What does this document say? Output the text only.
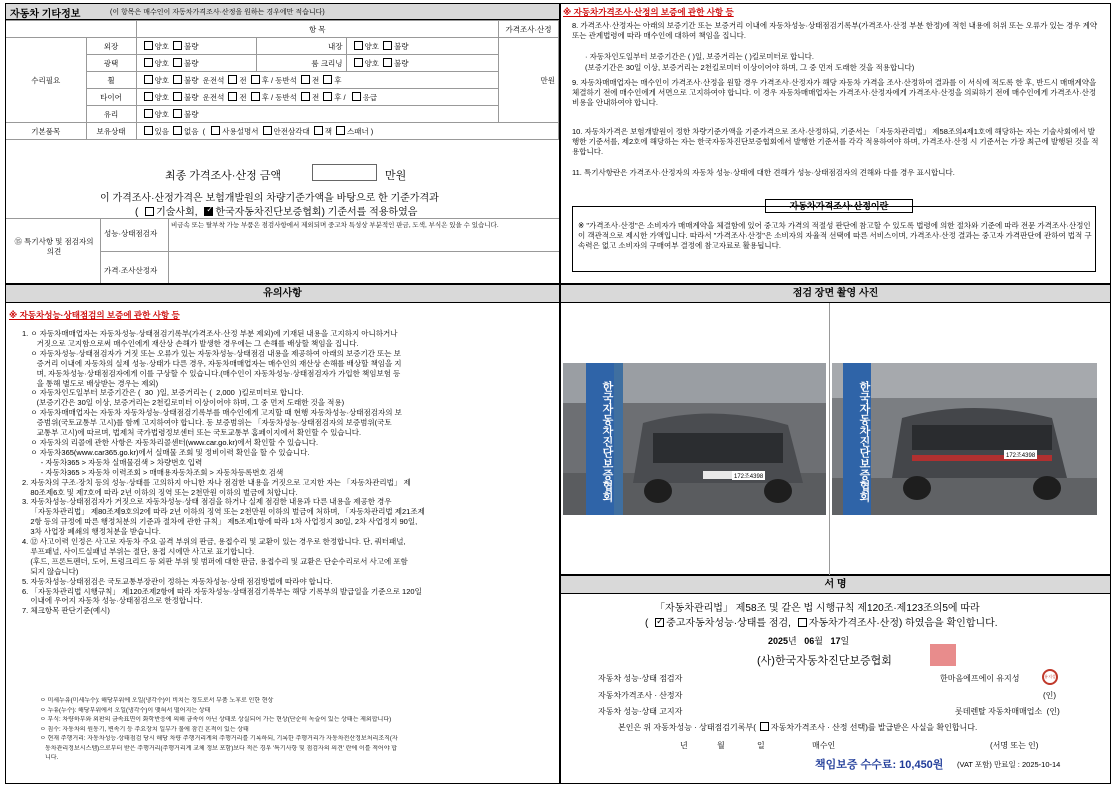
자동차 기타정보	(이 항목은 매수인이 자동차가격조사·산정을 원하는 경우에만 적습니다)
		항 목			가격조사·산정
수리필요	외장	양호 불량	내장	양호 불량	만원
	광택	양호 불량	룸 크리닝	양호 불량	
	휠	양호 불량 운전석 전 후 / 동반석 전 후			
	타이어	양호 불량 운전석 전 후 / 동반석 전 후 / 응급			
	유리	양호 불량			
기본품목	보유상태	있음 없음 ( 사용설명서 안전삼각대 잭 스패너 )			
최종 가격조사·산정 금액	만원
이 가격조사·산정가격은 보험개발원의 차량기준가액을 바탕으로 한 기준가격과
( 기술사회, ✓ 한국자동차진단보증협회) 기준서를 적용하였음
⑮ 특기사항 및 점검자의 의견
성능·상태점검자
비금속 또는 탈부착 가능 부품은 점검사항에서 제외되며 중고차 특성상 부분적인 판금, 도색, 부식은 있을 수 있습니다.
가격·조사산정자
※ 자동차가격조사·산정의 보증에 관한 사항 등
8. 가격조사·산정자는 아래의 보증기간 또는 보증거리 이내에 자동차성능·상태점검기록부(가격조사·산정 부분 한정)에 적힌 내용에 허위 또는 오류가 있는 경우 계약 또는 관계법령에 따라 매수인에 대하여 책임을 집니다.
· 자동차인도일부터 보증기간은 ( )일, 보증거리는 ( )킬로미터로 합니다.
(보증기간은 30일 이상, 보증거리는 2천킬로미터 이상이어야 하며, 그 중 먼저 도래한 것을 적용합니다)
9. 자동차매매업자는 매수인이 가격조사·산정을 원할 경우 가격조사·산정자가 해당 자동차 가격을 조사·산정하여 결과를 이 서식에 적도록 한 후, 반드시 매매계약을 체결하기 전에 매수인에게 서면으로 고지하여야 합니다. 이 경우 자동차매매업자는 가격조사·산정자에게 가격조사·산정을 의뢰하기 전에 매수인에게 가격조사·산정 비용을 안내하여야 합니다.
10. 자동차가격은 보험개발원이 정한 차량기준가액을 기준가격으로 조사·산정하되, 기준서는 「자동차관리법」 제58조의4제1호에 해당하는 자는 기술사회에서 발행한 기준서를, 제2호에 해당하는 자는 한국자동차진단보증협회에서 발행한 기준서를 각각 적용하여야 하며, 가격조사·산정 시 기준서는 가장 최근에 발행된 것을 적용합니다.
11. 특기사항란은 가격조사·산정자의 자동차 성능·상태에 대한 견해가 성능·상태점검자의 견해와 다를 경우 표시합니다.
자동차가격조사·산정이란
※ "가격조사·산정"은 소비자가 매매계약을 체결함에 있어 중고차 가격의 적절성 판단에 참고할 수 있도록 법령에 의한 절차와 기준에 따라 전문 가격조사·산정인이 객관적으로 제시한 가액입니다. 따라서 "가격조사·산정"은 소비자의 자율적 선택에 따른 서비스이며, 가격조사·산정 결과는 중고자 가격판단에 관하여 법적 구속력은 없고 소비자의 구매여부 결정에 참고자료로 활용됩니다.
유의사항
※ 자동차성능·상태점검의 보증에 관한 사항 등
1. ㅇ 자동차매매업자는 자동차성능·상태점검기록부(가격조사·산정 부분 제외)에 기재된 내용을 고지하지 아니하거나
거짓으로 고지함으로써 매수인에게 재산상 손해가 발생한 경우에는 그 손해를 배상할 책임을 집니다.
ㅇ 자동차성능·상태점검자가 거짓 또는 오류가 있는 자동차성능·상태점검 내용을 제공하여 아래의 보증기간 또는 보
증거리 이내에 자동차의 실제 성능·상태가 다른 경우, 자동차매매업자는 매수인의 재산상 손해를 배상할 책임을 지
며, 자동차성능·상태점검자에게 이를 구상할 수 있습니다.(매수인이 자동차성능·상태점검자가 가입한 책임보험 등
을 통해 별도로 배상받는 경우는 제외)
ㅇ 자동차인도일부터 보증기간은 (  30  )일, 보증거리는 (  2,000  )킬로미터로 합니다.
(보증기간은 30일 이상, 보증거리는 2천킬로미터 이상이어야 하며, 그 중 먼저 도래한 것을 적용)
ㅇ 자동차매매업자는 자동차 자동차성능·상태점검기록부를 매수인에게 고지할 때 현행 자동차성능·상태점검자의 보
증범위(국토교통부 고시)를 함께 고지하여야 합니다. 동 보증범위는 「자동차성능·상태점검자의 보증범위(국토
교통부 고시)에 따르며, 법제처 국가법령정보센터 또는 국토교통부 홈페이지에서 확인할 수 있습니다.
ㅇ 자동차의 리콜에 관한 사항은 자동차리콜센터(www.car.go.kr)에서 확인할 수 있습니다.
ㅇ 자동차365(www.car365.go.kr)에서 실매물 조회 및 정비이력 확인을 할 수 있습니다.
- 자동차365 > 자동차 실매물검색 > 차량번호 입력
- 자동차365 > 자동차 이력조회 > 매매용자동차조회 > 자동차등록번호 검색
2. 자동차의 구조·장치 등의 성능·상태를 고의하지 아니한 자나 점검한 내용을 거짓으로 고지한 자는 「자동차관리법」 제
80조제6호 및 제7호에 따라 2년 이하의 징역 또는 2천만원 이하의 벌금에 처합니다.
3. 자동차성능·상태점검자가 거짓으로 자동차성능·상태 점검을 하거나 실제 점검한 내용과 다른 내용을 제공한 경우
「자동차관리법」 제80조제9호의2에 따라 2년 이하의 징역 또는 2천만원 이하의 벌금에 처하며, 「자동차관리법 제21조제
2항 등의 규정에 따른 행정처분의 기준과 절차에 관한 규칙」 제5조제1항에 따라 1차 사업정지 30일, 2차 사업정지 90일,
3차 사업장 폐쇄의 행정처분을 받습니다.
4. ⑫ 사고이력 인정은 사고로 자동차 주요 골격 부위의 판금, 용접수리 및 교환이 있는 경우로 한정합니다. 단, 쿼터패널,
루프패널, 사이드실패널 부위는 절단, 용접 시에만 사고로 표기합니다.
(후드, 프론트펜더, 도어, 트렁크리드 등 외판 부위 및 범퍼에 대한 판금, 용접수리 및 교환은 단순수리로서 사고에 포함
되지 않습니다)
5. 자동차성능·상태점검은 국토교통부장관이 정하는 자동차성능·상태 점검방법에 따라야 합니다.
6. 「자동차관리법 시행규칙」 제120조제2항에 따라 자동차성능·상태점검기록부는 해당 기록부의 발급일을 기준으로 120일
이내에 우어지 자동차 성능·상태점검으로 한정합니다.
7. 체크항목 판단기준(예시)
ㅇ 미세누유(미세누수): 해당부위에 오일(냉각수)이 비치는 정도로서 부품 노후로 인한 현상
ㅇ 누유(누수): 해당부위에서 오일(냉각수)이 맺혀서 떨어지는 상태
ㅇ 부식: 차량하부와 외판의 금속표면이 화학반응에 의해 금속이 아닌 상태로 상실되어 가는 현상(단순히 녹슬어 있는 상태는 제외합니다)
ㅇ 침수: 자동차의 원동기, 변속기 등 주요장치 일부가 물에 잠긴 흔적이 있는 상태
ㅇ 현재 주행거리: 자동차성능·상태점검 당시 해당 차량 주행거리계의 주행거리를 기록하되, 기록한 주행거리가 자동차전산정보처리조직(자
동차관리정보시스템)으로부터 받은 주행거리(주행거리계 교체 정보 포함)보다 적은 경우 '특기사항 및 점검자의 의견' 란에 이를 적어야 합
니다.
점검 장면 촬영 사진
한국자동차진단보증협회	172조4398	한국자동차진단보증협회	172조4398
서 명
「자동차관리법」 제58조 및 같은 법 시행규칙 제120조·제123조의5에 따라
( ✓ 중고자동차성능·상태를 점검, 자동차가격조사·산정) 하였음을 확인합니다.
2025년 06월 17일
(사)한국자동차진단보증협회
자동차 성능·상태 점검자	한마음에프에이 유지성	유지성
자동차가격조사 · 산정자	(인)
자동차 성능·상태 고지자	롯데렌탈 자동차매매업소  (인)
본인은 위 자동차성능 · 상태점검기록부( 자동차가격조사 · 산정 선택)를 발급받은 사실을 확인합니다.
년	월	일	매수인	(서명 또는 인)
책임보증 수수료: 10,450원 (VAT 포함) 만료일 : 2025-10-14
